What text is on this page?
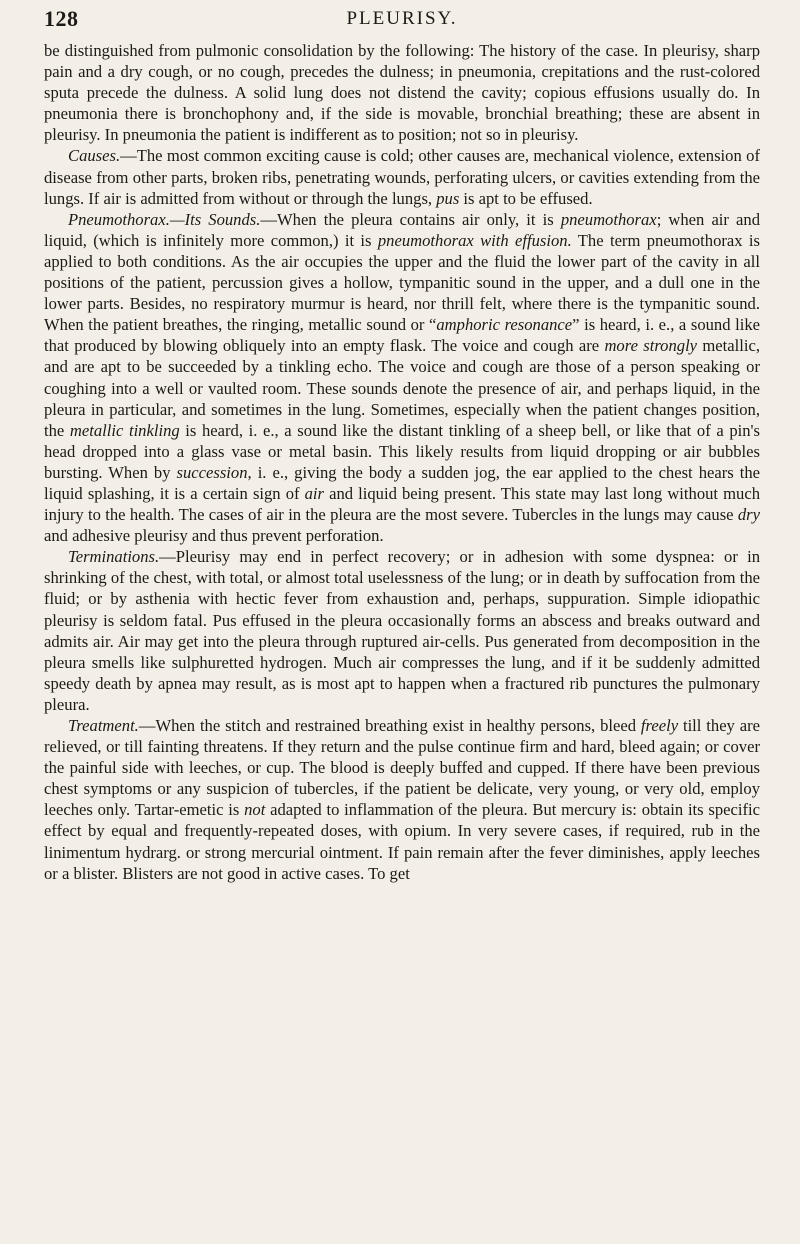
128	PLEURISY.

be distinguished from pulmonic consolidation by the following: The history of the case. In pleurisy, sharp pain and a dry cough, or no cough, precedes the dulness; in pneumonia, crepitations and the rust-colored sputa precede the dulness. A solid lung does not distend the cavity; copious effusions usually do. In pneumonia there is bronchophony and, if the side is movable, bronchial breathing; these are absent in pleurisy. In pneumonia the patient is indifferent as to position; not so in pleurisy.

Causes.—The most common exciting cause is cold; other causes are, mechanical violence, extension of disease from other parts, broken ribs, penetrating wounds, perforating ulcers, or cavities extending from the lungs. If air is admitted from without or through the lungs, pus is apt to be effused.

Pneumothorax.—Its Sounds.—When the pleura contains air only, it is pneumothorax; when air and liquid, (which is infinitely more common,) it is pneumothorax with effusion. The term pneumothorax is applied to both conditions. As the air occupies the upper and the fluid the lower part of the cavity in all positions of the patient, percussion gives a hollow, tympanitic sound in the upper, and a dull one in the lower parts. Besides, no respiratory murmur is heard, nor thrill felt, where there is the tympanitic sound. When the patient breathes, the ringing, metallic sound or “amphoric resonance” is heard, i. e., a sound like that produced by blowing obliquely into an empty flask. The voice and cough are more strongly metallic, and are apt to be succeeded by a tinkling echo. The voice and cough are those of a person speaking or coughing into a well or vaulted room. These sounds denote the presence of air, and perhaps liquid, in the pleura in particular, and sometimes in the lung. Sometimes, especially when the patient changes position, the metallic tinkling is heard, i. e., a sound like the distant tinkling of a sheep bell, or like that of a pin's head dropped into a glass vase or metal basin. This likely results from liquid dropping or air bubbles bursting. When by succession, i. e., giving the body a sudden jog, the ear applied to the chest hears the liquid splashing, it is a certain sign of air and liquid being present. This state may last long without much injury to the health. The cases of air in the pleura are the most severe. Tubercles in the lungs may cause dry and adhesive pleurisy and thus prevent perforation.

Terminations.—Pleurisy may end in perfect recovery; or in adhesion with some dyspnea: or in shrinking of the chest, with total, or almost total uselessness of the lung; or in death by suffocation from the fluid; or by asthenia with hectic fever from exhaustion and, perhaps, suppuration. Simple idiopathic pleurisy is seldom fatal. Pus effused in the pleura occasionally forms an abscess and breaks outward and admits air. Air may get into the pleura through ruptured air-cells. Pus generated from decomposition in the pleura smells like sulphuretted hydrogen. Much air compresses the lung, and if it be suddenly admitted speedy death by apnea may result, as is most apt to happen when a fractured rib punctures the pulmonary pleura.

Treatment.—When the stitch and restrained breathing exist in healthy persons, bleed freely till they are relieved, or till fainting threatens. If they return and the pulse continue firm and hard, bleed again; or cover the painful side with leeches, or cup. The blood is deeply buffed and cupped. If there have been previous chest symptoms or any suspicion of tubercles, if the patient be delicate, very young, or very old, employ leeches only. Tartar-emetic is not adapted to inflammation of the pleura. But mercury is: obtain its specific effect by equal and frequently-repeated doses, with opium. In very severe cases, if required, rub in the linimentum hydrarg. or strong mercurial ointment. If pain remain after the fever diminishes, apply leeches or a blister. Blisters are not good in active cases. To get
